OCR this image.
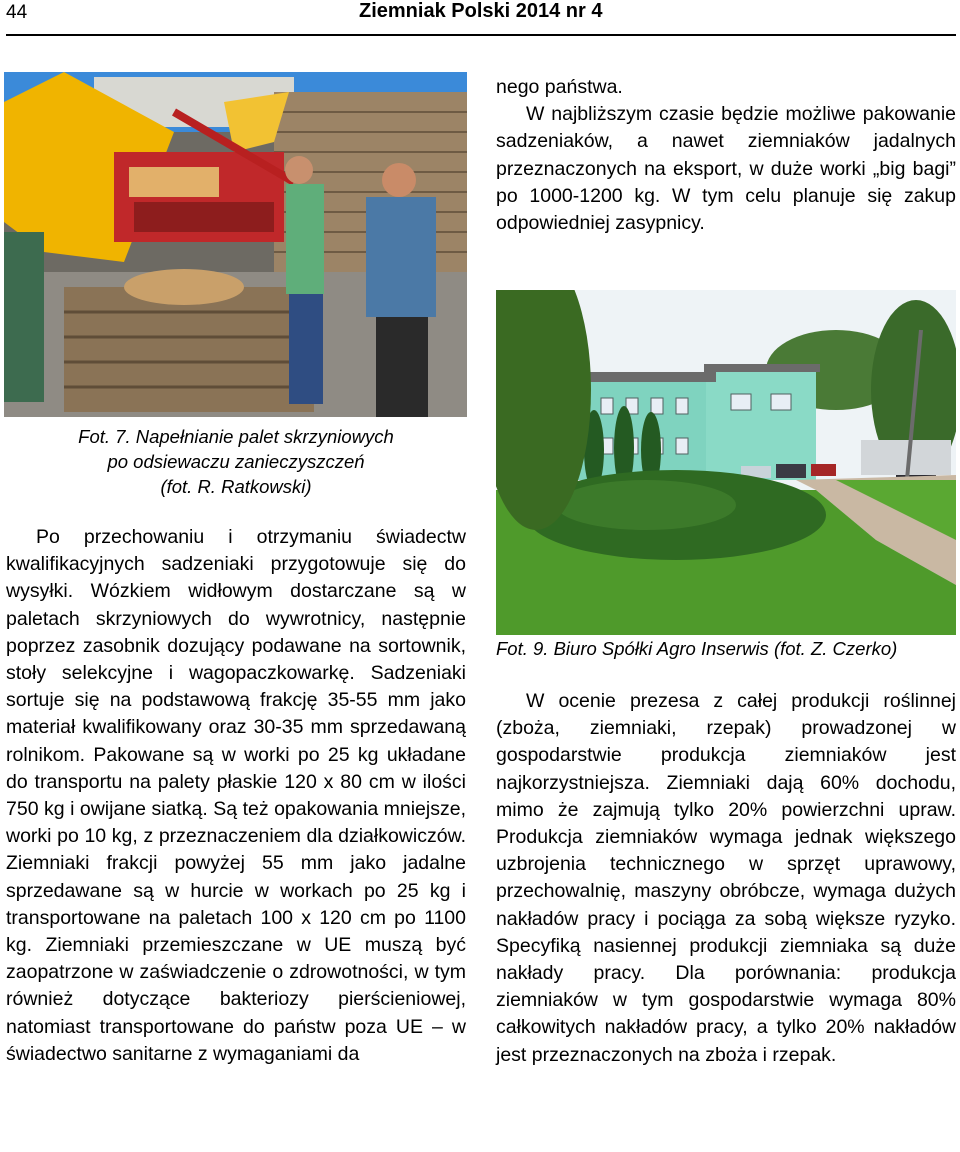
44	Ziemniak Polski 2014 nr 4
Fot. 7. Napełnianie palet skrzyniowych
po odsiewaczu zanieczyszczeń
(fot. R. Ratkowski)

Po przechowaniu i otrzymaniu świadectw kwalifikacyjnych sadzeniaki przygotowuje się do wysyłki. Wózkiem widłowym dostarczane są w paletach skrzyniowych do wywrotnicy, następnie poprzez zasobnik dozujący podawane na sortownik, stoły selekcyjne i wagopaczkowarkę. Sadzeniaki sortuje się na podstawową frakcję 35-55 mm jako materiał kwalifikowany oraz 30-35 mm sprzedawaną rolnikom. Pakowane są w worki po 25 kg układane do transportu na palety płaskie 120 x 80 cm w ilości 750 kg i owijane siatką. Są też opakowania mniejsze, worki po 10 kg, z przeznaczeniem dla działkowiczów. Ziemniaki frakcji powyżej 55 mm jako jadalne sprzedawane są w hurcie w workach po 25 kg i transportowane na paletach 100 x 120 cm po 1100 kg. Ziemniaki przemieszczane w UE muszą być zaopatrzone w zaświadczenie o zdrowotności, w tym również dotyczące bakteriozy pierścieniowej, natomiast transportowane do państw poza UE – w świadectwo sanitarne z wymaganiami da

nego państwa.

W najbliższym czasie będzie możliwe pakowanie sadzeniaków, a nawet ziemniaków jadalnych przeznaczonych na eksport, w duże worki „big bagi” po 1000-1200 kg. W tym celu planuje się zakup odpowiedniej zasypnicy.

Fot. 9. Biuro Spółki Agro Inserwis (fot. Z. Czerko)

W ocenie prezesa z całej produkcji roślinnej (zboża, ziemniaki, rzepak) prowadzonej w gospodarstwie produkcja ziemniaków jest najkorzystniejsza. Ziemniaki dają 60% dochodu, mimo że zajmują tylko 20% powierzchni upraw. Produkcja ziemniaków wymaga jednak większego uzbrojenia technicznego w sprzęt uprawowy, przechowalnię, maszyny obróbcze, wymaga dużych nakładów pracy i pociąga za sobą większe ryzyko. Specyfiką nasiennej produkcji ziemniaka są duże nakłady pracy. Dla porównania: produkcja ziemniaków w tym gospodarstwie wymaga 80% całkowitych nakładów pracy, a tylko 20% nakładów jest przeznaczonych na zboża i rzepak.
